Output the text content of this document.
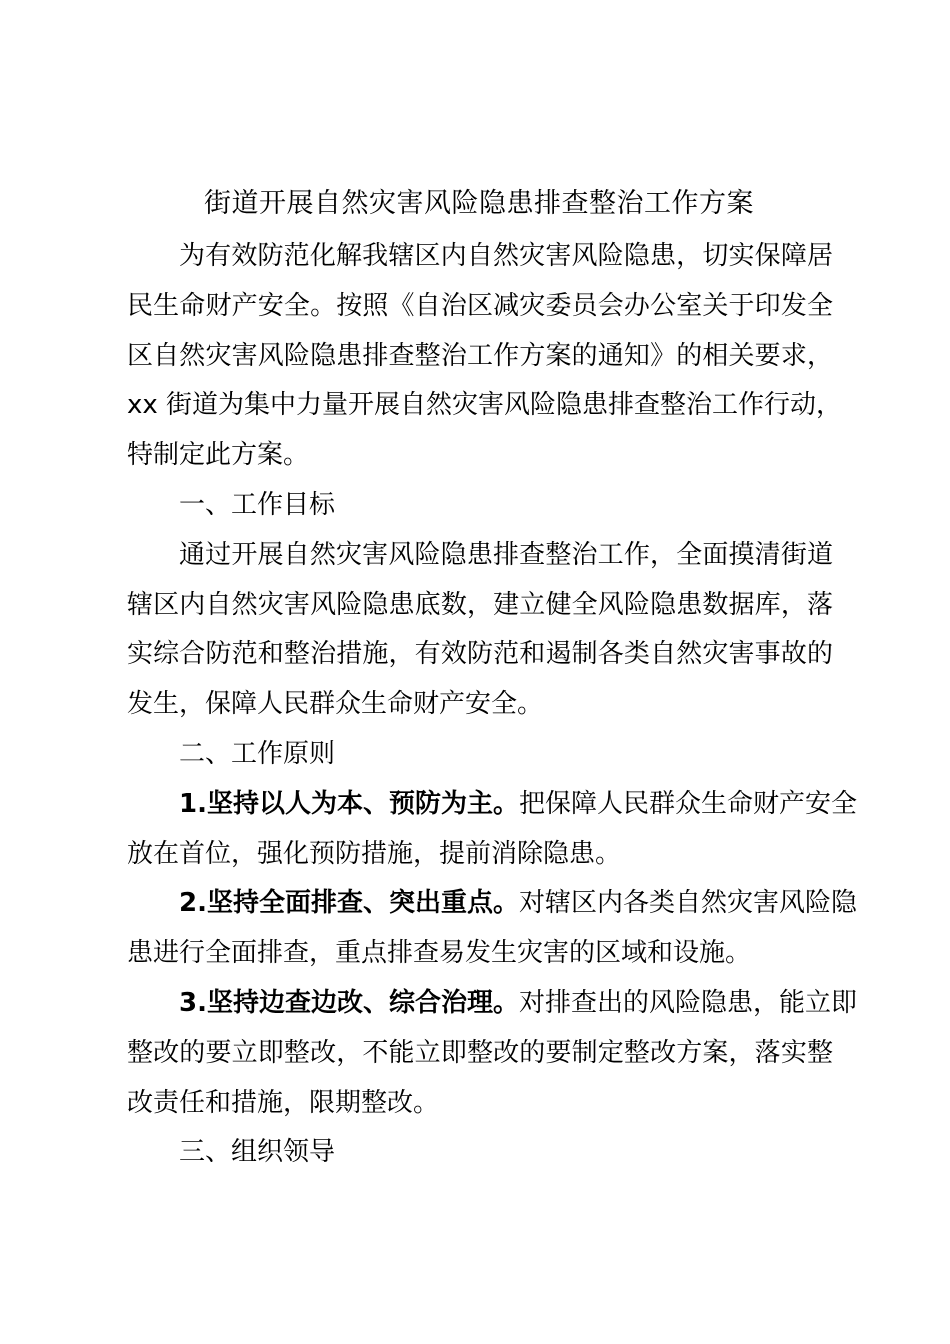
街道开展自然灾害风险隐患排查整治工作方案
为有效防范化解我辖区内自然灾害风险隐患，切实保障居
民生命财产安全。按照《自治区减灾委员会办公室关于印发全
区自然灾害风险隐患排查整治工作方案的通知》的相关要求，
xx 街道为集中力量开展自然灾害风险隐患排查整治工作行动，
特制定此方案。
一、工作目标
通过开展自然灾害风险隐患排查整治工作，全面摸清街道
辖区内自然灾害风险隐患底数，建立健全风险隐患数据库，落
实综合防范和整治措施，有效防范和遏制各类自然灾害事故的
发生，保障人民群众生命财产安全。
二、工作原则
1.坚持以人为本、预防为主。把保障人民群众生命财产安全
放在首位，强化预防措施，提前消除隐患。
2.坚持全面排查、突出重点。对辖区内各类自然灾害风险隐
患进行全面排查，重点排查易发生灾害的区域和设施。
3.坚持边查边改、综合治理。对排查出的风险隐患，能立即
整改的要立即整改，不能立即整改的要制定整改方案，落实整
改责任和措施，限期整改。
三、组织领导
